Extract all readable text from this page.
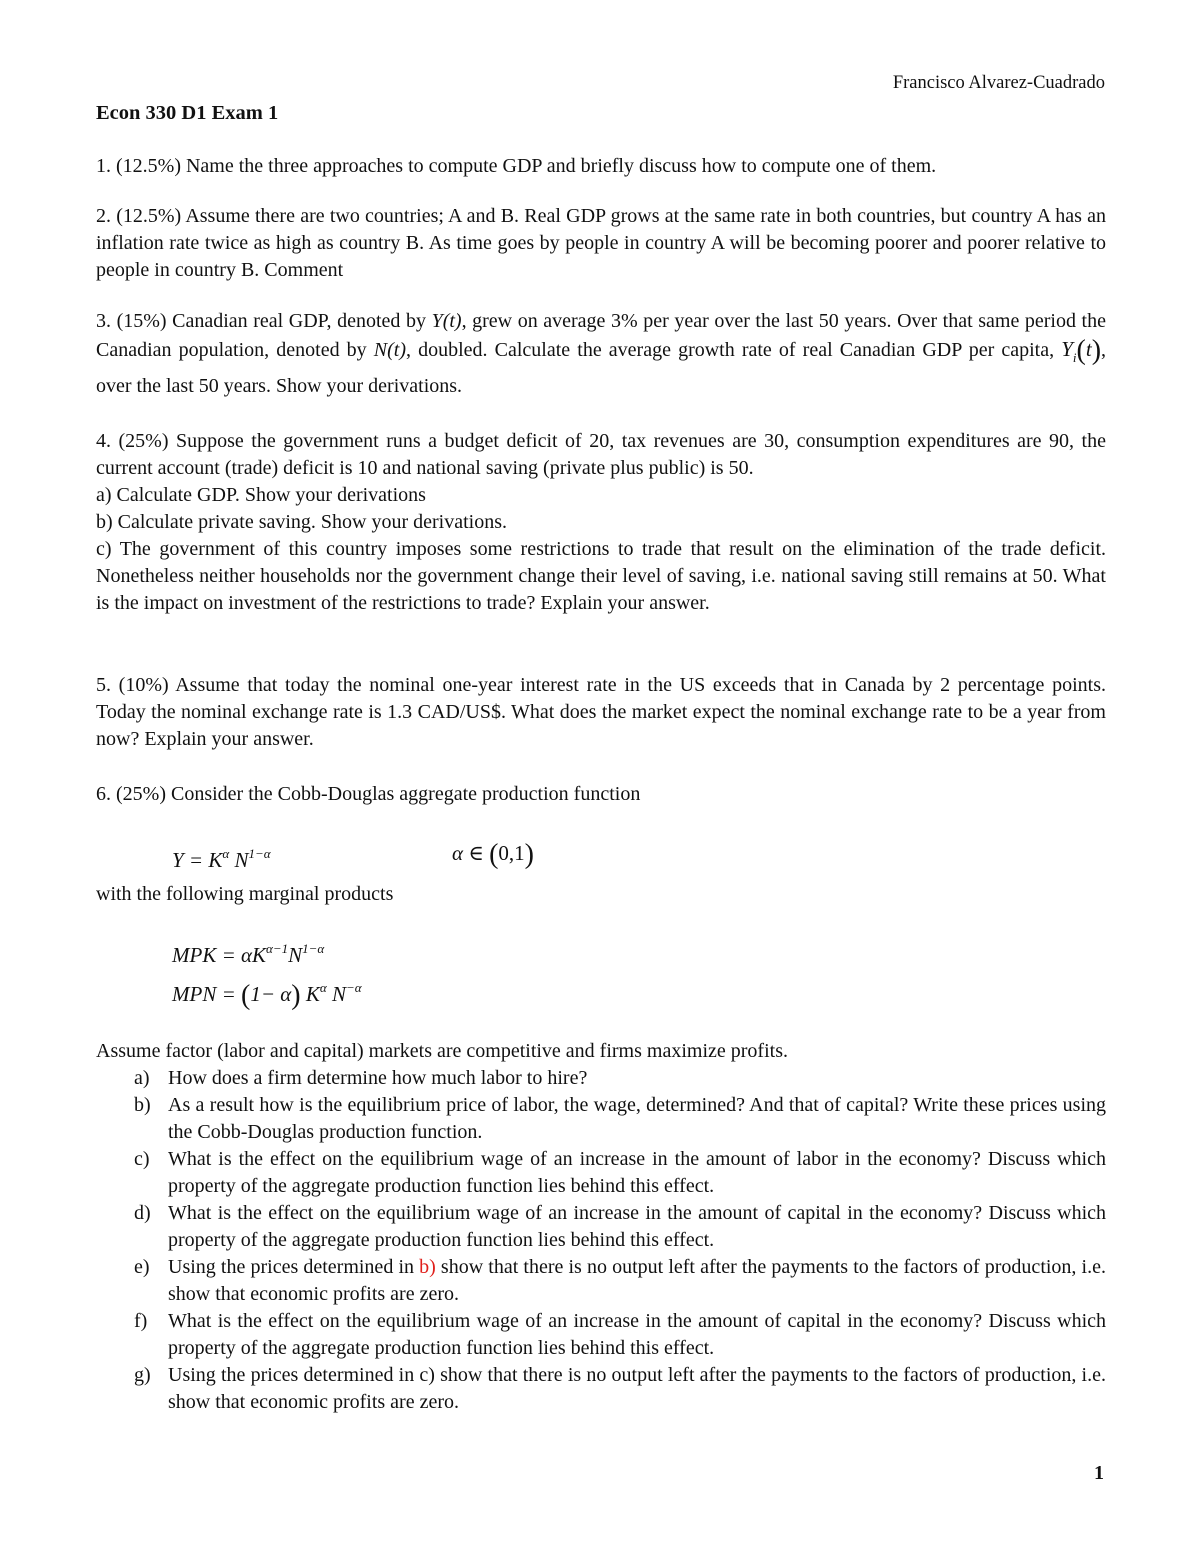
Francisco Alvarez-Cuadrado
Econ 330 D1 Exam 1
1. (12.5%) Name the three approaches to compute GDP and briefly discuss how to compute one of them.
2. (12.5%) Assume there are two countries; A and B. Real GDP grows at the same rate in both countries, but country A has an inflation rate twice as high as country B. As time goes by people in country A will be becoming poorer and poorer relative to people in country B. Comment
3. (15%) Canadian real GDP, denoted by Y(t), grew on average 3% per year over the last 50 years. Over that same period the Canadian population, denoted by N(t), doubled. Calculate the average growth rate of real Canadian GDP per capita, $Y_i(t)$, over the last 50 years. Show your derivations.
4. (25%) Suppose the government runs a budget deficit of 20, tax revenues are 30, consumption expenditures are 90, the current account (trade) deficit is 10 and national saving (private plus public) is 50.
a) Calculate GDP. Show your derivations
b) Calculate private saving. Show your derivations.
c) The government of this country imposes some restrictions to trade that result on the elimination of the trade deficit. Nonetheless neither households nor the government change their level of saving, i.e. national saving still remains at 50. What is the impact on investment of the restrictions to trade? Explain your answer.
5. (10%) Assume that today the nominal one-year interest rate in the US exceeds that in Canada by 2 percentage points. Today the nominal exchange rate is 1.3 CAD/US$. What does the market expect the nominal exchange rate to be a year from now? Explain your answer.
6. (25%) Consider the Cobb-Douglas aggregate production function
$Y = K^\alpha$ $N^{1-\alpha}$	α ∈ (0,1)
with the following marginal products
MPK = $\alpha K^{\alpha-1}N^{1-\alpha}$
MPN = (1− α) $K^\alpha$ $N^{-\alpha}$
Assume factor (labor and capital) markets are competitive and firms maximize profits.
a) How does a firm determine how much labor to hire?
b) As a result how is the equilibrium price of labor, the wage, determined? And that of capital? Write these prices using the Cobb-Douglas production function.
c) What is the effect on the equilibrium wage of an increase in the amount of labor in the economy? Discuss which property of the aggregate production function lies behind this effect.
d) What is the effect on the equilibrium wage of an increase in the amount of capital in the economy? Discuss which property of the aggregate production function lies behind this effect.
e) Using the prices determined in b) show that there is no output left after the payments to the factors of production, i.e. show that economic profits are zero.
f)	What is the effect on the equilibrium wage of an increase in the amount of capital in the economy? Discuss which property of the aggregate production function lies behind this effect.
g) Using the prices determined in c) show that there is no output left after the payments to the factors of production, i.e. show that economic profits are zero.
1
